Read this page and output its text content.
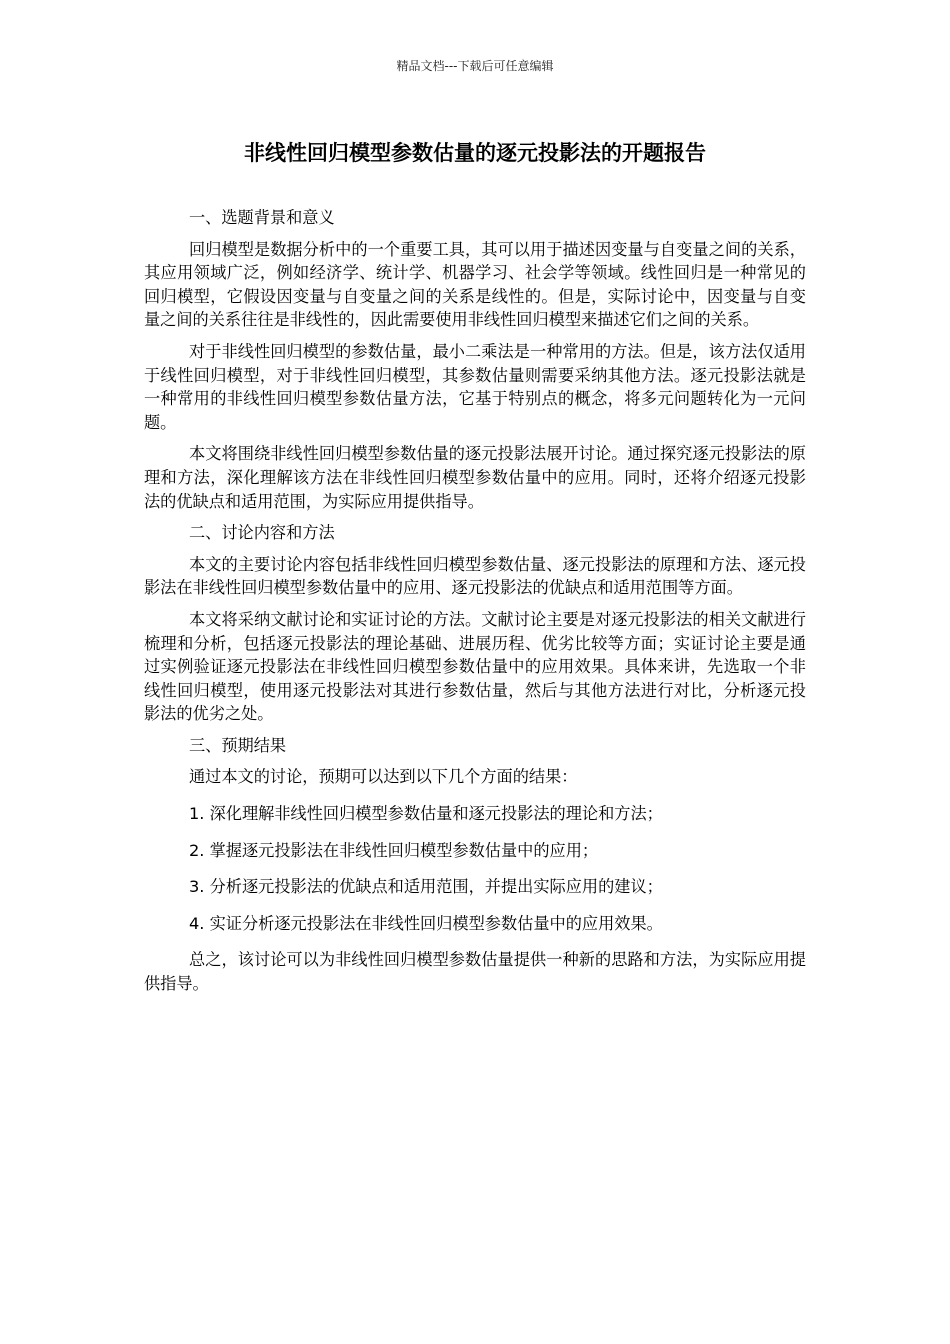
精品文档---下载后可任意编辑
非线性回归模型参数估量的逐元投影法的开题报告

一、选题背景和意义

回归模型是数据分析中的一个重要工具，其可以用于描述因变量与自变量之间的关系，其应用领域广泛，例如经济学、统计学、机器学习、社会学等领域。线性回归是一种常见的回归模型，它假设因变量与自变量之间的关系是线性的。但是，实际讨论中，因变量与自变量之间的关系往往是非线性的，因此需要使用非线性回归模型来描述它们之间的关系。

对于非线性回归模型的参数估量，最小二乘法是一种常用的方法。但是，该方法仅适用于线性回归模型，对于非线性回归模型，其参数估量则需要采纳其他方法。逐元投影法就是一种常用的非线性回归模型参数估量方法，它基于特别点的概念，将多元问题转化为一元问题。

本文将围绕非线性回归模型参数估量的逐元投影法展开讨论。通过探究逐元投影法的原理和方法，深化理解该方法在非线性回归模型参数估量中的应用。同时，还将介绍逐元投影法的优缺点和适用范围，为实际应用提供指导。

二、讨论内容和方法

本文的主要讨论内容包括非线性回归模型参数估量、逐元投影法的原理和方法、逐元投影法在非线性回归模型参数估量中的应用、逐元投影法的优缺点和适用范围等方面。

本文将采纳文献讨论和实证讨论的方法。文献讨论主要是对逐元投影法的相关文献进行梳理和分析，包括逐元投影法的理论基础、进展历程、优劣比较等方面；实证讨论主要是通过实例验证逐元投影法在非线性回归模型参数估量中的应用效果。具体来讲，先选取一个非线性回归模型，使用逐元投影法对其进行参数估量，然后与其他方法进行对比，分析逐元投影法的优劣之处。

三、预期结果

通过本文的讨论，预期可以达到以下几个方面的结果：

1. 深化理解非线性回归模型参数估量和逐元投影法的理论和方法；

2. 掌握逐元投影法在非线性回归模型参数估量中的应用；

3. 分析逐元投影法的优缺点和适用范围，并提出实际应用的建议；

4. 实证分析逐元投影法在非线性回归模型参数估量中的应用效果。

总之，该讨论可以为非线性回归模型参数估量提供一种新的思路和方法，为实际应用提供指导。
